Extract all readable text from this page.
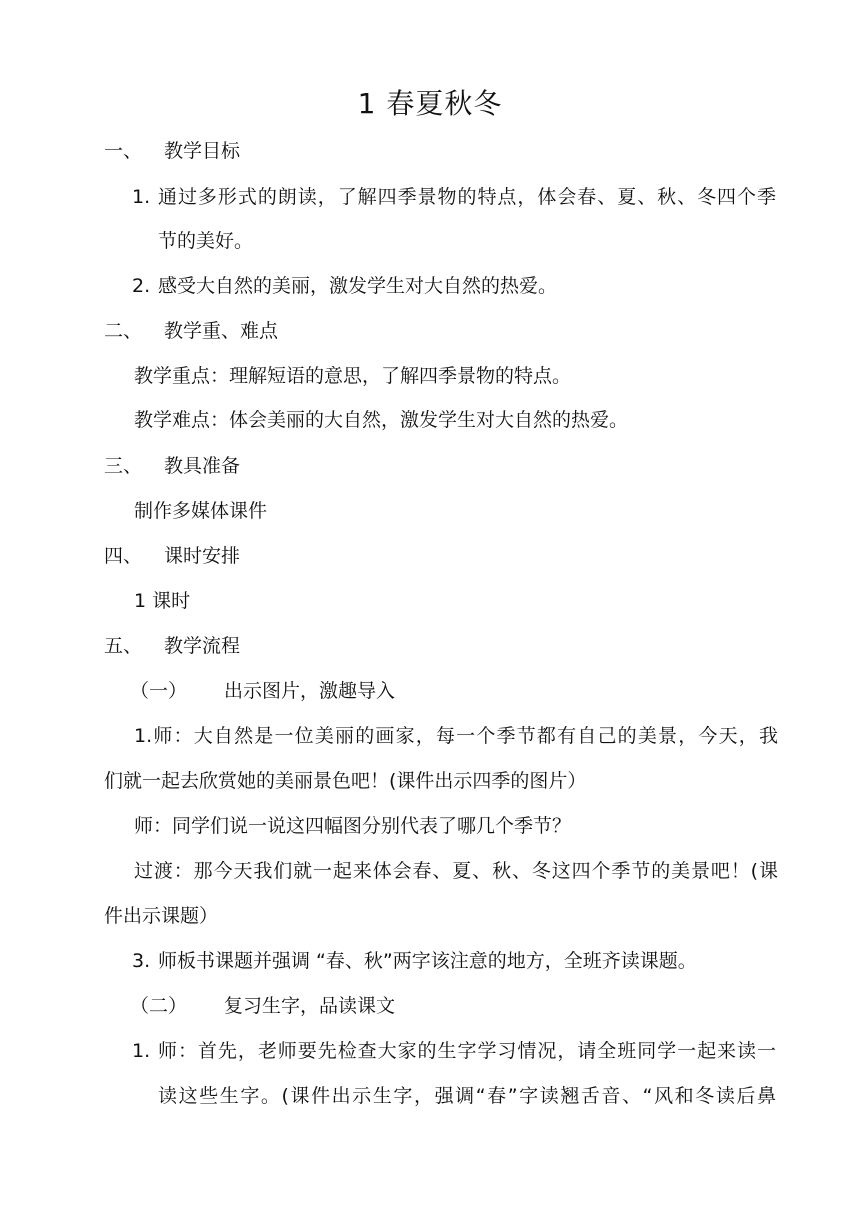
1 春夏秋冬
一、 教学目标
1. 通过多形式的朗读，了解四季景物的特点，体会春、夏、秋、冬四个季
节的美好。
2. 感受大自然的美丽，激发学生对大自然的热爱。
二、 教学重、难点
教学重点：理解短语的意思，了解四季景物的特点。
教学难点：体会美丽的大自然，激发学生对大自然的热爱。
三、 教具准备
制作多媒体课件
四、 课时安排
1 课时
五、 教学流程
（一） 出示图片，激趣导入
1.师：大自然是一位美丽的画家，每一个季节都有自己的美景，今天，我
们就一起去欣赏她的美丽景色吧！(课件出示四季的图片）
师：同学们说一说这四幅图分别代表了哪几个季节？
过渡：那今天我们就一起来体会春、夏、秋、冬这四个季节的美景吧！(课
件出示课题）
3. 师板书课题并强调 “春、秋”两字该注意的地方，全班齐读课题。
（二） 复习生字，品读课文
1. 师：首先，老师要先检查大家的生字学习情况，请全班同学一起来读一
读这些生字。(课件出示生字，强调“春”字读翘舌音、“风和冬读后鼻
